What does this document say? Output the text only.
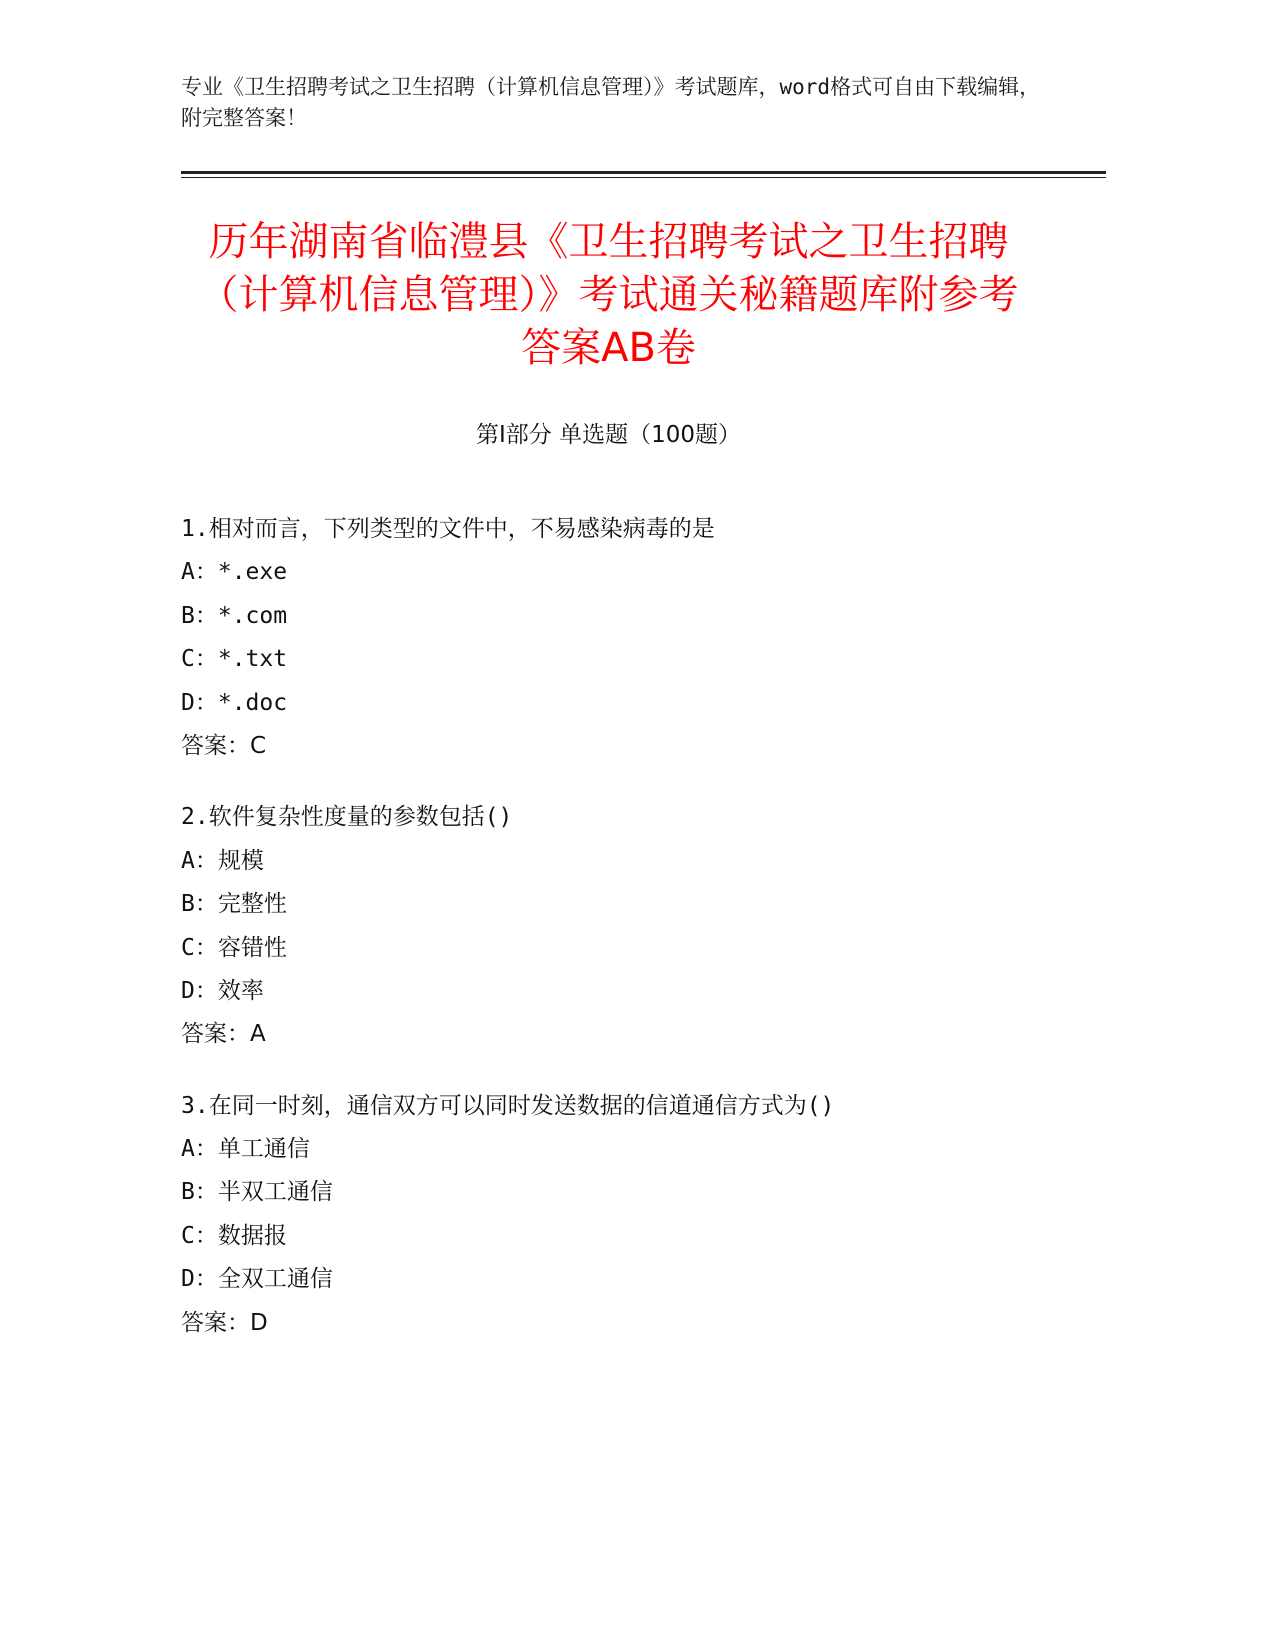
专业《卫生招聘考试之卫生招聘（计算机信息管理）》考试题库，word格式可自由下载编辑，附完整答案！
历年湖南省临澧县《卫生招聘考试之卫生招聘（计算机信息管理）》考试通关秘籍题库附参考答案AB卷
第I部分 单选题（100题）
1.相对而言，下列类型的文件中，不易感染病毒的是
A：*.exe
B：*.com
C：*.txt
D：*.doc
答案：C
2.软件复杂性度量的参数包括()
A：规模
B：完整性
C：容错性
D：效率
答案：A
3.在同一时刻，通信双方可以同时发送数据的信道通信方式为()
A：单工通信
B：半双工通信
C：数据报
D：全双工通信
答案：D
